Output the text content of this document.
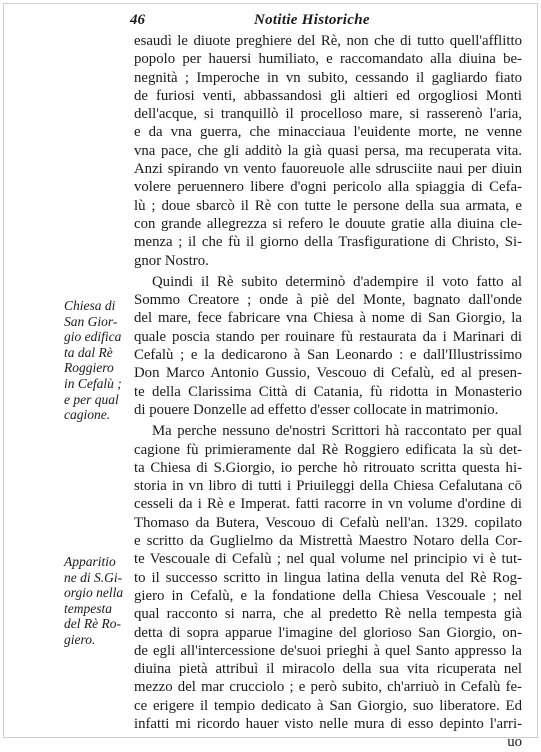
46	Notitie Historiche
Chiesa di
San Gior-
gio edifica
ta dal Rè
Roggiero
in Cefalù ;
e per qual
cagione.
Apparitio
ne di S.Gi-
orgio nella
tempesta
del Rè Ro-
giero.
esaudì le diuote preghiere del Rè, non che di tutto quell'afflitto
popolo per hauersi humiliato, e raccomandato alla diuina be-
negnità ; Imperoche in vn subito, cessando il gagliardo fiato
de furiosi venti, abbassandosi gli altieri ed orgogliosi Monti
dell'acque, si tranquillò il procelloso mare, si rasserenò l'aria,
e da vna guerra, che minacciaua l'euidente morte, ne venne
vna pace, che gli additò la già quasi persa, ma recuperata vita.
Anzi spirando vn vento fauoreuole alle sdrusciite naui per diuin
volere peruennero libere d'ogni pericolo alla spiaggia di Cefa-
lù ; doue sbarcò il Rè con tutte le persone della sua armata, e
con grande allegrezza si refero le douute gratie alla diuina cle-
menza ; il che fù il giorno della Trasfiguratione di Christo, Si-
gnor Nostro.
Quindi il Rè subito determinò d'adempire il voto fatto al
Sommo Creatore ; onde à piè del Monte, bagnato dall'onde
del mare, fece fabricare vna Chiesa à nome di San Giorgio, la
quale poscia stando per rouinare fù restaurata da i Marinari di
Cefalù ; e la dedicarono à San Leonardo : e dall'Illustrissimo
Don Marco Antonio Gussio, Vescouo di Cefalù, ed al presen-
te della Clarissima Città di Catania, fù ridotta in Monasterio
di pouere Donzelle ad effetto d'esser collocate in matrimonio.
Ma perche nessuno de'nostri Scrittori hà raccontato per qual
cagione fù primieramente dal Rè Roggiero edificata la sù det-
ta Chiesa di S.Giorgio, io perche hò ritrouato scritta questa hi-
storia in vn libro di tutti i Priuileggi della Chiesa Cefalutana cō
cesseli da i Rè e Imperat. fatti racorre in vn volume d'ordine di
Thomaso da Butera, Vescouo di Cefalù nell'an. 1329. copilato
e scritto da Guglielmo da Mistrettà Maestro Notaro della Cor-
te Vescouale di Cefalù ; nel qual volume nel principio vi è tut-
to il successo scritto in lingua latina della venuta del Rè Rog-
giero in Cefalù, e la fondatione della Chiesa Vescouale ; nel
qual racconto si narra, che al predetto Rè nella tempesta già
detta di sopra apparue l'imagine del glorioso San Giorgio, on-
de egli all'intercessione de'suoi prieghi à quel Santo appresso la
diuina pietà attribuì il miracolo della sua vita ricuperata nel
mezzo del mar crucciolo ; e però subito, ch'arriuò in Cefalù fe-
ce erigere il tempio dedicato à San Giorgio, suo liberatore. Ed
infatti mi ricordo hauer visto nelle mura di esso depinto l'arri-
uo
